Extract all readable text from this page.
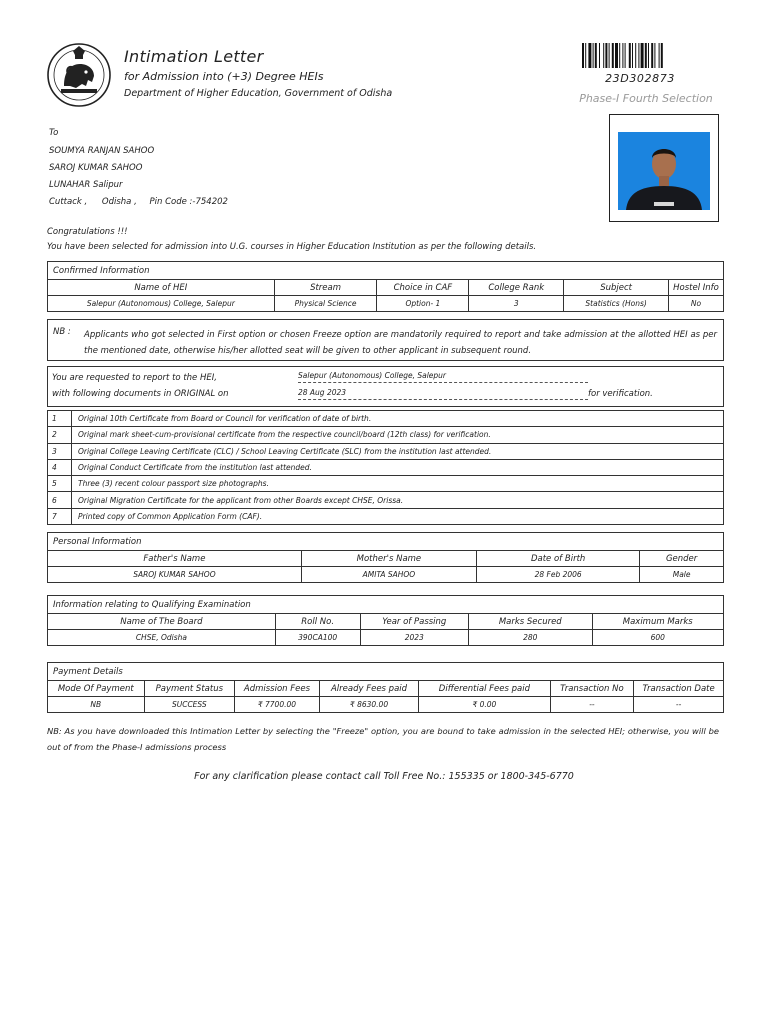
Intimation Letter
for Admission into (+3) Degree HEIs
Department of Higher Education, Government of Odisha
23D302873
Phase-I Fourth Selection
To
SOUMYA RANJAN SAHOO
SAROJ KUMAR SAHOO
LUNAHAR Salipur
Cuttack , Odisha , Pin Code :-754202
Congratulations !!!
You have been selected for admission into U.G. courses in Higher Education Institution as per the following details.
Confirmed Information
Name of HEI	Stream	Choice in CAF	College Rank	Subject	Hostel Info
Salepur (Autonomous) College, Salepur	Physical Science	Option- 1	3	Statistics (Hons)	No
NB : Applicants who got selected in First option or chosen Freeze option are mandatorily required to report and take admission at the allotted HEI as per the mentioned date, otherwise his/her allotted seat will be given to other applicant in subsequent round.
You are requested to report to the HEI,
with following documents in ORIGINAL on
Salepur (Autonomous) College, Salepur
28 Aug 2023	for verification.
1	Original 10th Certificate from Board or Council for verification of date of birth.
2	Original mark sheet-cum-provisional certificate from the respective council/board (12th class) for verification.
3	Original College Leaving Certificate (CLC) / School Leaving Certificate (SLC) from the institution last attended.
4	Original Conduct Certificate from the institution last attended.
5	Three (3) recent colour passport size photographs.
6	Original Migration Certificate for the applicant from other Boards except CHSE, Orissa.
7	Printed copy of Common Application Form (CAF).
Personal Information
Father's Name	Mother's Name	Date of Birth	Gender
SAROJ KUMAR SAHOO	AMITA SAHOO	28 Feb 2006	Male
Information relating to Qualifying Examination
Name of The Board	Roll No.	Year of Passing	Marks Secured	Maximum Marks
CHSE, Odisha	390CA100	2023	280	600
Payment Details
Mode Of Payment	Payment Status	Admission Fees	Already Fees paid	Differential Fees paid	Transaction No	Transaction Date
NB	SUCCESS	₹ 7700.00	₹ 8630.00	₹ 0.00	--	--
NB: As you have downloaded this Intimation Letter by selecting the "Freeze" option, you are bound to take admission in the selected HEI; otherwise, you will be out of from the Phase-I admissions process
For any clarification please contact call Toll Free No.: 155335 or 1800-345-6770
